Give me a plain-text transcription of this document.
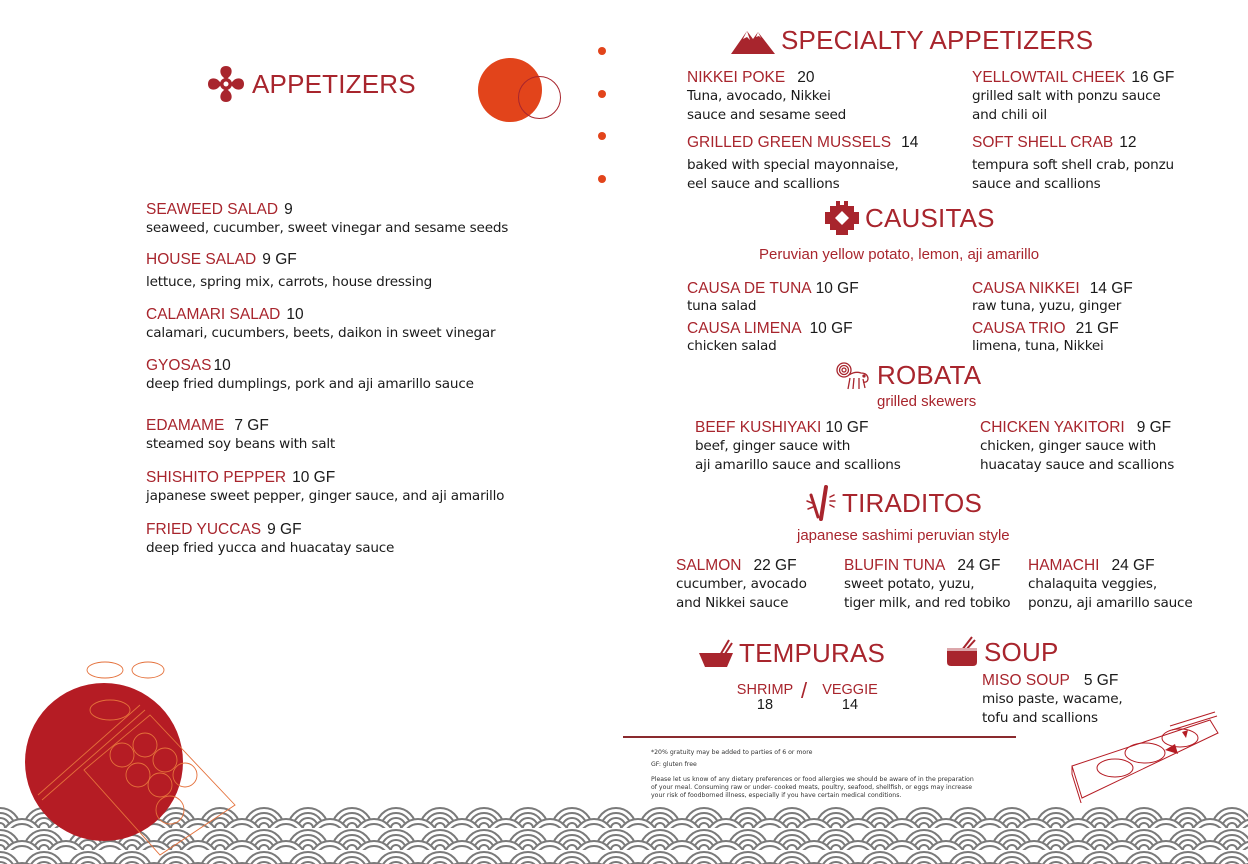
APPETIZERS
SEAWEED SALAD 9
seaweed, cucumber, sweet vinegar and sesame seeds
HOUSE SALAD 9 GF
lettuce, spring mix, carrots, house dressing
CALAMARI SALAD 10
calamari, cucumbers, beets, daikon in sweet vinegar
GYOSAS 10
deep fried dumplings, pork and aji amarillo sauce
EDAMAME 7 GF
steamed soy beans with salt
SHISHITO PEPPER 10 GF
japanese sweet pepper, ginger sauce, and aji amarillo
FRIED YUCCAS 9 GF
deep fried yucca and huacatay sauce
SPECIALTY APPETIZERS
NIKKEI POKE 20
Tuna, avocado, Nikkei
sauce and sesame seed
YELLOWTAIL CHEEK 16 GF
grilled salt with ponzu sauce
and chili oil
GRILLED GREEN MUSSELS 14
baked with special mayonnaise,
eel sauce and scallions
SOFT SHELL CRAB 12
tempura soft shell crab, ponzu
sauce and scallions
CAUSITAS
Peruvian yellow potato, lemon, aji amarillo
CAUSA DE TUNA 10 GF
tuna salad
CAUSA NIKKEI 14 GF
raw tuna, yuzu, ginger
CAUSA LIMENA 10 GF
chicken salad
CAUSA TRIO 21 GF
limena, tuna, Nikkei
ROBATA
grilled skewers
BEEF KUSHIYAKI 10 GF
beef, ginger sauce with
aji amarillo sauce and scallions
CHICKEN YAKITORI 9 GF
chicken, ginger sauce with
huacatay sauce and scallions
TIRADITOS
japanese sashimi peruvian style
SALMON 22 GF
cucumber, avocado
and Nikkei sauce
BLUFIN TUNA 24 GF
sweet potato, yuzu,
tiger milk, and red tobiko
HAMACHI 24 GF
chalaquita veggies,
ponzu, aji amarillo sauce
TEMPURAS
SHRIMP
18
/ VEGGIE
14
SOUP
MISO SOUP 5 GF
miso paste, wacame,
tofu and scallions
*20% gratuity may be added to parties of 6 or more
GF: gluten free
Please let us know of any dietary preferences or food allergies we should be aware of in the preparation
of your meal. Consuming raw or under- cooked meats, poultry, seafood, shellfish, or eggs may increase
your risk of foodborned illness, especially if you have certain medical conditions.
